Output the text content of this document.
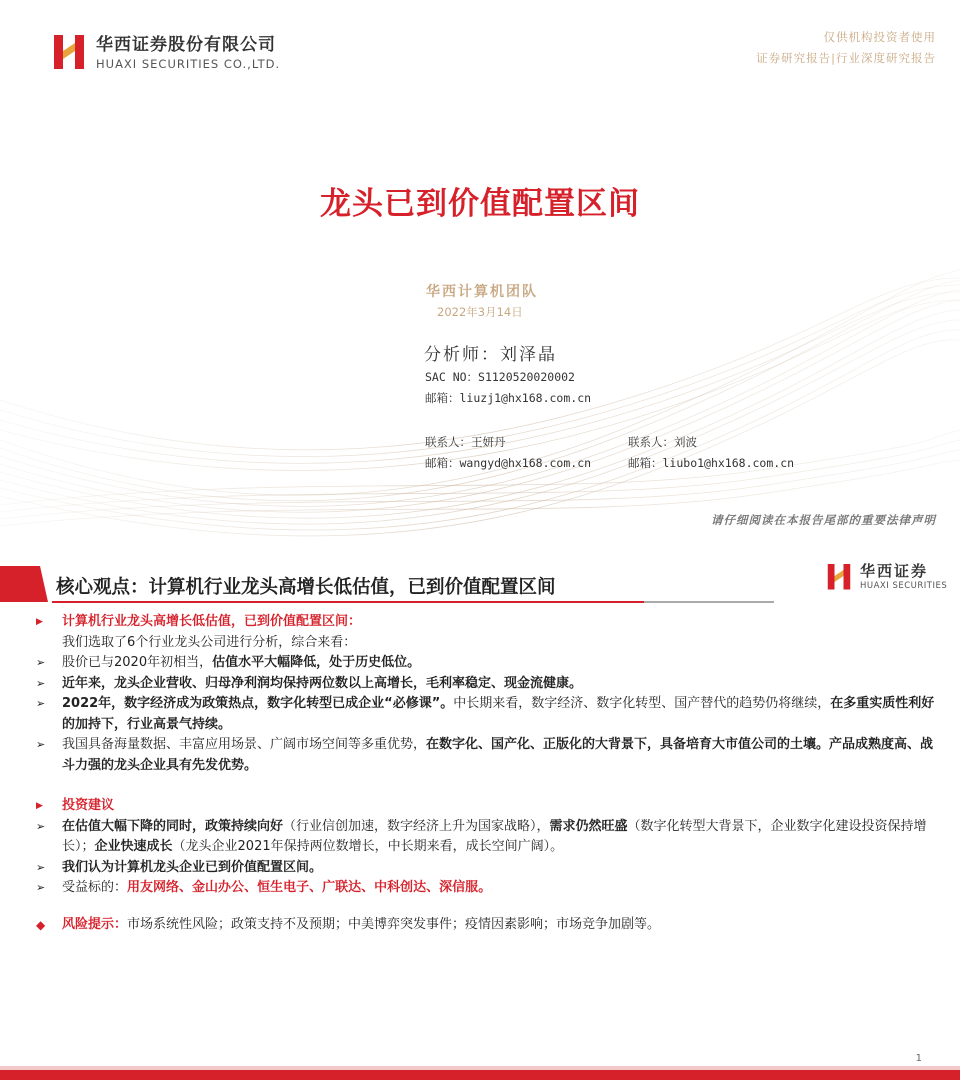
华西证券股份有限公司
HUAXI SECURITIES CO.,LTD.
仅供机构投资者使用
证券研究报告|行业深度研究报告
龙头已到价值配置区间
华西计算机团队
2022年3月14日
分析师：刘泽晶
SAC NO：S1120520020002
邮箱：liuzj1@hx168.com.cn
联系人：王妍丹
邮箱：wangyd@hx168.com.cn
联系人：刘波
邮箱：liubo1@hx168.com.cn
请仔细阅读在本报告尾部的重要法律声明
核心观点：计算机行业龙头高增长低估值，已到价值配置区间
华西证券
HUAXI SECURITIES
▶	计算机行业龙头高增长低估值，已到价值配置区间：
我们选取了6个行业龙头公司进行分析，综合来看：
➢	股价已与2020年初相当，估值水平大幅降低，处于历史低位。
➢	近年来，龙头企业营收、归母净利润均保持两位数以上高增长，毛利率稳定、现金流健康。
➢	2022年，数字经济成为政策热点，数字化转型已成企业“必修课”。中长期来看，数字经济、数字化转型、国产替代的趋势仍将继续，在多重实质性利好的加持下，行业高景气持续。
➢	我国具备海量数据、丰富应用场景、广阔市场空间等多重优势，在数字化、国产化、正版化的大背景下，具备培育大市值公司的土壤。产品成熟度高、战斗力强的龙头企业具有先发优势。
▶	投资建议
➢	在估值大幅下降的同时，政策持续向好（行业信创加速，数字经济上升为国家战略），需求仍然旺盛（数字化转型大背景下，企业数字化建设投资保持增长）；企业快速成长（龙头企业2021年保持两位数增长，中长期来看，成长空间广阔）。
➢	我们认为计算机龙头企业已到价值配置区间。
➢	受益标的：用友网络、金山办公、恒生电子、广联达、中科创达、深信服。
◆	风险提示：市场系统性风险；政策支持不及预期；中美博弈突发事件；疫情因素影响；市场竞争加剧等。
1
